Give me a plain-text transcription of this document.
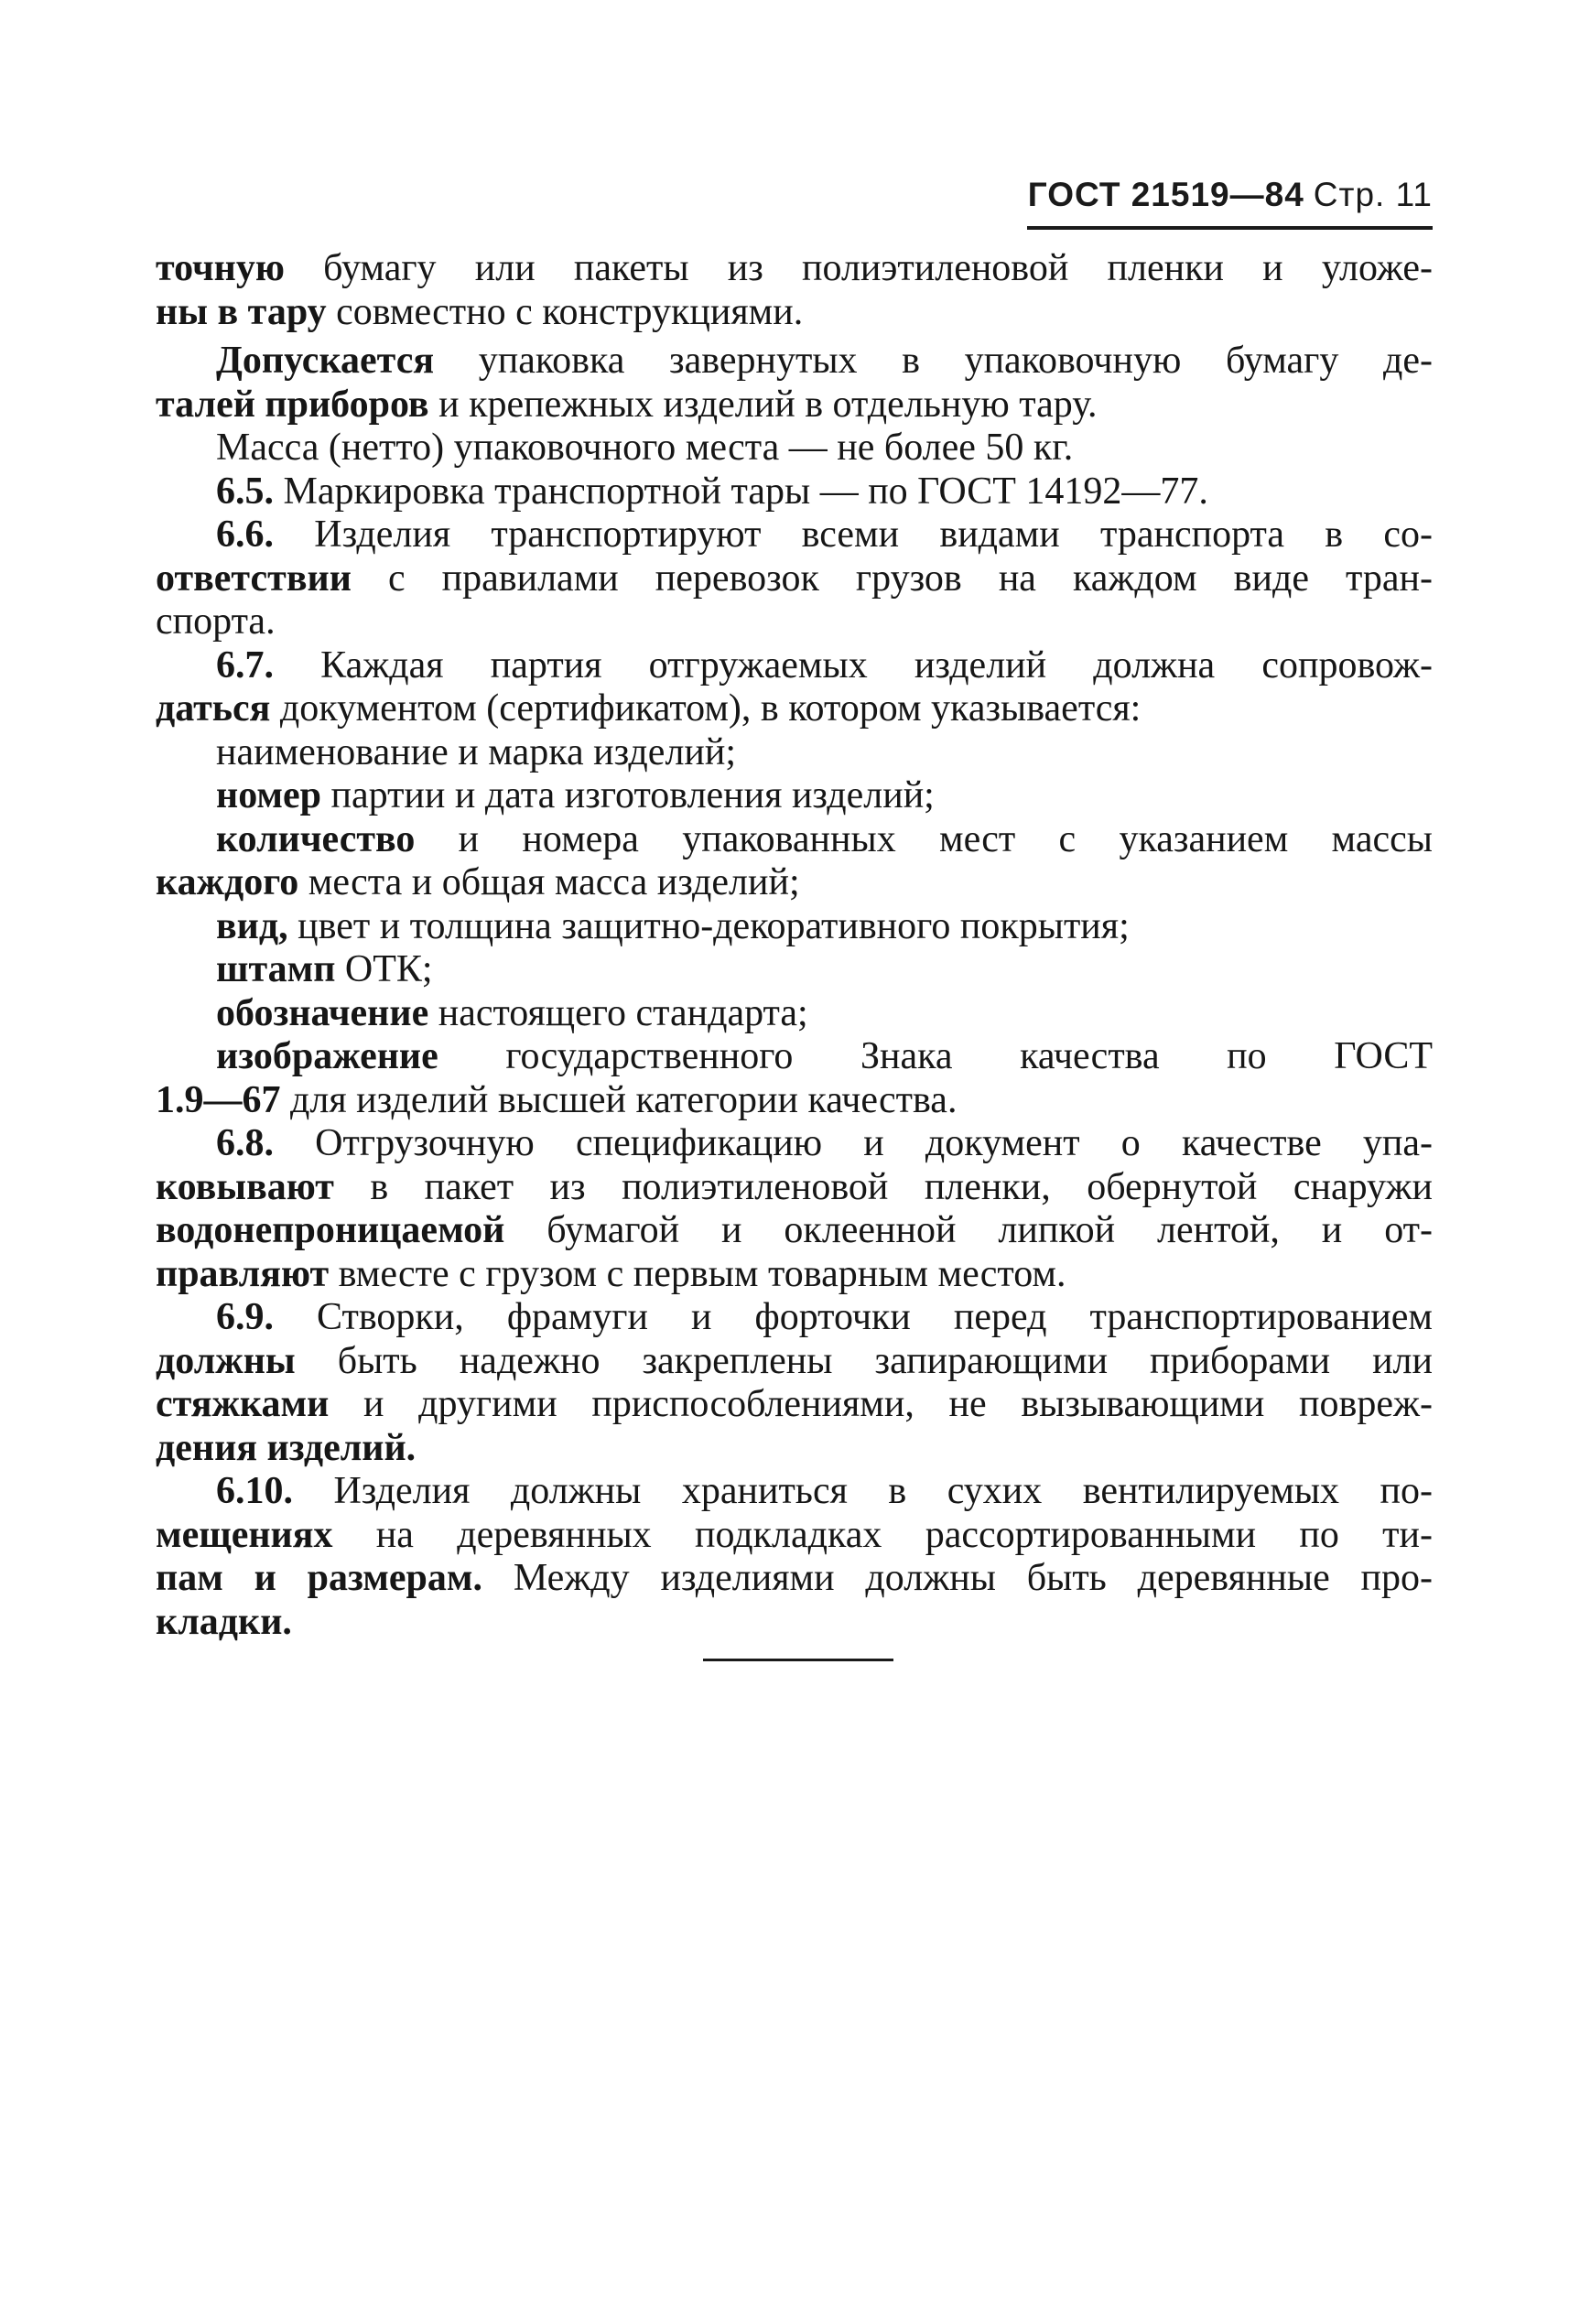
ГОСТ 21519—84 Стр. 11
точную бумагу или пакеты из полиэтиленовой пленки и уложе-
ны в тару совместно с конструкциями.
Допускается упаковка завернутых в упаковочную бумагу де-
талей приборов и крепежных изделий в отдельную тару.
Масса (нетто) упаковочного места — не более 50 кг.
6.5. Маркировка транспортной тары — по ГОСТ 14192—77.
6.6. Изделия транспортируют всеми видами транспорта в со-
ответствии с правилами перевозок грузов на каждом виде тран-
спорта.
6.7. Каждая партия отгружаемых изделий должна сопровож-
даться документом (сертификатом), в котором указывается:
наименование и марка изделий;
номер партии и дата изготовления изделий;
количество и номера упакованных мест с указанием массы
каждого места и общая масса изделий;
вид, цвет и толщина защитно-декоративного покрытия;
штамп ОТК;
обозначение настоящего стандарта;
изображение государственного Знака качества по ГОСТ
1.9—67 для изделий высшей категории качества.
6.8. Отгрузочную спецификацию и документ о качестве упа-
ковывают в пакет из полиэтиленовой пленки, обернутой снаружи
водонепроницаемой бумагой и оклеенной липкой лентой, и от-
правляют вместе с грузом с первым товарным местом.
6.9. Створки, фрамуги и форточки перед транспортированием
должны быть надежно закреплены запирающими приборами или
стяжками и другими приспособлениями, не вызывающими повреж-
дения изделий.
6.10. Изделия должны храниться в сухих вентилируемых по-
мещениях на деревянных подкладках рассортированными по ти-
пам и размерам. Между изделиями должны быть деревянные про-
кладки.
